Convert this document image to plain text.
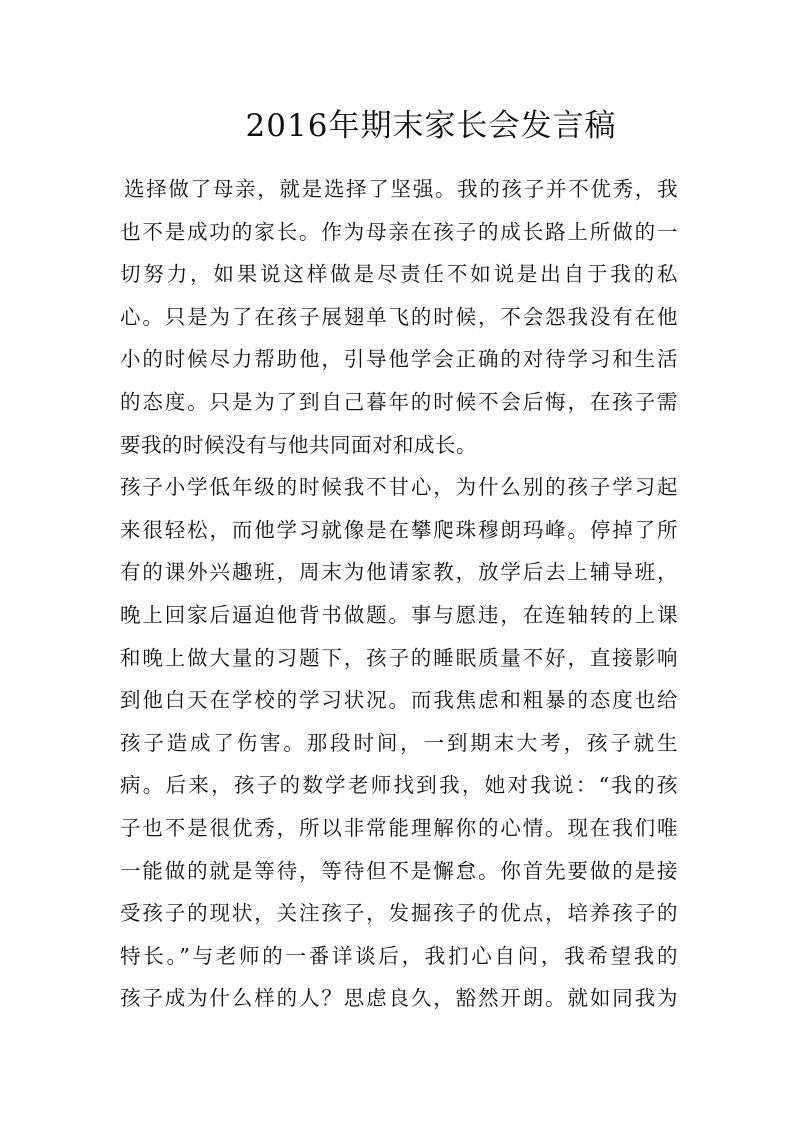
2016年期末家长会发言稿
选择做了母亲，就是选择了坚强。我的孩子并不优秀，我
也不是成功的家长。作为母亲在孩子的成长路上所做的一
切努力，如果说这样做是尽责任不如说是出自于我的私
心。只是为了在孩子展翅单飞的时候，不会怨我没有在他
小的时候尽力帮助他，引导他学会正确的对待学习和生活
的态度。只是为了到自己暮年的时候不会后悔，在孩子需
要我的时候没有与他共同面对和成长。
孩子小学低年级的时候我不甘心，为什么别的孩子学习起
来很轻松，而他学习就像是在攀爬珠穆朗玛峰。停掉了所
有的课外兴趣班，周末为他请家教，放学后去上辅导班，
晚上回家后逼迫他背书做题。事与愿违，在连轴转的上课
和晚上做大量的习题下，孩子的睡眠质量不好，直接影响
到他白天在学校的学习状况。而我焦虑和粗暴的态度也给
孩子造成了伤害。那段时间，一到期末大考，孩子就生
病。后来，孩子的数学老师找到我，她对我说：“我的孩
子也不是很优秀，所以非常能理解你的心情。现在我们唯
一能做的就是等待，等待但不是懈怠。你首先要做的是接
受孩子的现状，关注孩子，发掘孩子的优点，培养孩子的
特长。”与老师的一番详谈后，我扪心自问，我希望我的
孩子成为什么样的人？思虑良久，豁然开朗。就如同我为
